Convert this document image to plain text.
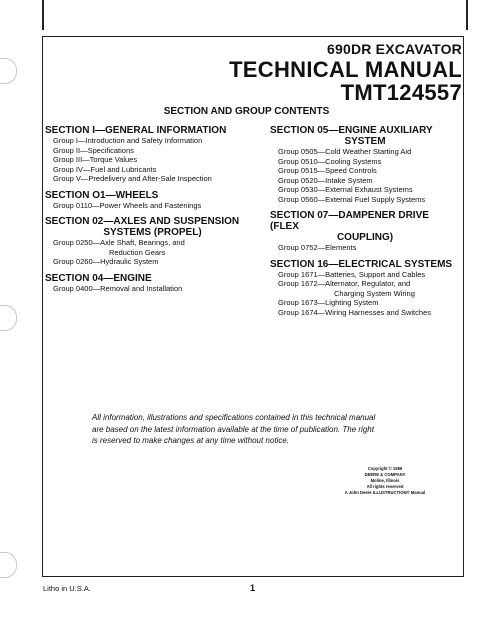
690DR EXCAVATOR
TECHNICAL MANUAL
TMT124557
SECTION AND GROUP CONTENTS
SECTION I—GENERAL INFORMATION
Group I—Introduction and Safety Information
Group II—Specifications
Group III—Torque Values
Group IV—Fuel and Lubricants
Group V—Predelivery and After-Sale Inspection
SECTION O1—WHEELS
Group 0110—Power Wheels and Fastenings
SECTION 02—AXLES AND SUSPENSION
SYSTEMS (PROPEL)
Group 0250—Axle Shaft, Bearings, and
Reduction Gears
Group 0260—Hydraulic System
SECTION 04—ENGINE
Group 0400—Removal and Installation
SECTION 05—ENGINE AUXILIARY
SYSTEM
Group 0505—Cold Weather Starting Aid
Group 0510—Cooling Systems
Group 0515—Speed Controls
Group 0520—Intake System
Group 0530—External Exhaust Systems
Group 0560—External Fuel Supply Systems
SECTION 07—DAMPENER DRIVE (FLEX
COUPLING)
Group 0752—Elements
SECTION 16—ELECTRICAL SYSTEMS
Group 1671—Batteries, Support and Cables
Group 1672—Alternator, Regulator, and
Charging System Wiring
Group 1673—Lighting System
Group 1674—Wiring Harnesses and Switches
All information, illustrations and specifications contained in this technical manual
are based on the latest information available at the time of publication. The right
is reserved to make changes at any time without notice.
Copyright © 1989
DEERE & COMPANY
Moline, Illinois
All rights reserved
A John Deere ILLUSTRUCTION® Manual
Litho in U.S.A.	1
